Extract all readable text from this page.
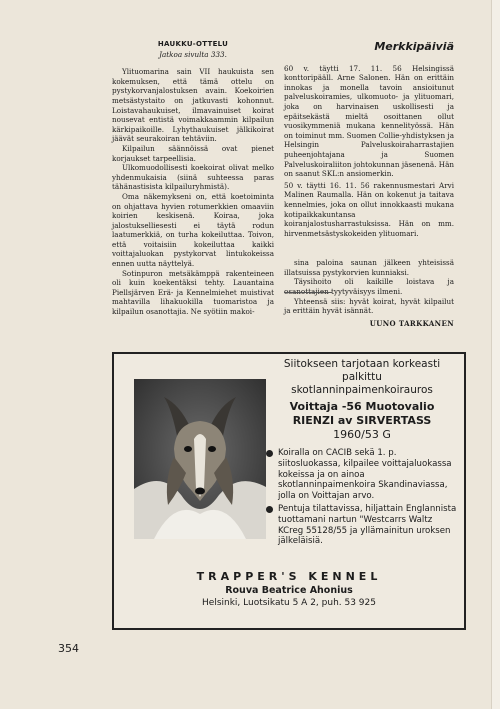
HAUKKU-OTTELU
Jatkoa sivulta 333.

Ylituomarina sain VII haukuista sen kokemuksen, että tämä ottelu on pystykorvanjalostuksen avain. Koekoirien metsästystaito on jatkuvasti kohonnut. Loistavahaukuiset, ilmavainuiset koirat nousevat entistä voimakkaammin kilpailun kärkipaikoille. Lyhythaukuiset jälkikoirat jäävät seurakoiran tehtäviin.

Kilpailun säännöissä ovat pienet korjaukset tarpeellisia.

Ulkomuodollisesti koekoirat olivat melko yhdenmukaisia (siinä suhteessa paras tähänastisista kilpailuryhmistä).

Oma näkemykseni on, että koetoiminta on ohjattava hyvien rotumerkkien omaaviin koirien keskisenä. Koiraa, joka jalostukselliesesti ei täytä rodun laatumerkkiä, on turha kokeiluttaa. Toivon, että voitaisiin kokeiluttaa kaikki voittajaluokan pystykorvat lintukokeissa ennen uutta näyttelyä.

Sotinpuron metsäkämppä rakenteineen oli kuin koekentäksi tehty. Lauantaina Piellsjärven Erä- ja Kennelmiehet muistivat mahtavilla lihakuokilla tuomaristoa ja kilpailun osanottajia. Ne syötiin makoi-

Merkkipäiviä

60 v. täytti 17. 11. 56 Helsingissä konttoripääll. Arne Salonen. Hän on erittäin innokas ja monella tavoin ansioitunut palveluskoiramies, ulkomuoto- ja ylituomari, joka on harvinaisen uskollisesti ja epäitsekästä mieltä osoittanen ollut vuosikymmeniä mukana kennelityössä. Hän on toiminut mm. Suomen Collie-yhdistyksen ja Helsingin Palveluskoiraharrastajien puheenjohtajana ja Suomen Palveluskoiraliiton johtokunnan jäsenenä. Hän on saanut SKL:n ansiomerkin.

50 v. täytti 16. 11. 56 rakennusmestari Arvi Malinen Raumalla. Hän on kokenut ja taitava kennelmies, joka on ollut innokkaasti mukana kotipaikkakuntansa koiranjalostusharrastuksissa. Hän on mm. hirvenmetsästyskokeiden ylituomari.

sina paloina saunan jälkeen yhteisissä illatsuissa pystykorvien kunniaksi.

Täysihoito oli kaikille loistava ja osanottajien tyytyväisyys ilmeni.

Yhteensä siis: hyvät koirat, hyvät kilpailut ja erittäin hyvät isännät.

UUNO TARKKANEN
Siitokseen tarjotaan korkeasti
palkittu
skotlanninpaimenkoirauros
Voittaja -56 Muotovalio
RIENZI av SIRVERTASS
1960/53 G
Koiralla on CACIB sekä 1. p. siitosluokassa, kilpailee voittajaluokassa kokeissa ja on ainoa skotlanninpaimenkoira Skandinaviassa, jolla on Voittajan arvo.
Pentuja tilattavissa, hiljattain Englannista tuottamani nartun "Westcarrs Waltz KCreg 55128/55 ja yllämainitun uroksen jälkeläisiä.
TRAPPER'S KENNEL
Rouva Beatrice Ahonius
Helsinki, Luotsikatu 5 A 2, puh. 53 925
354
